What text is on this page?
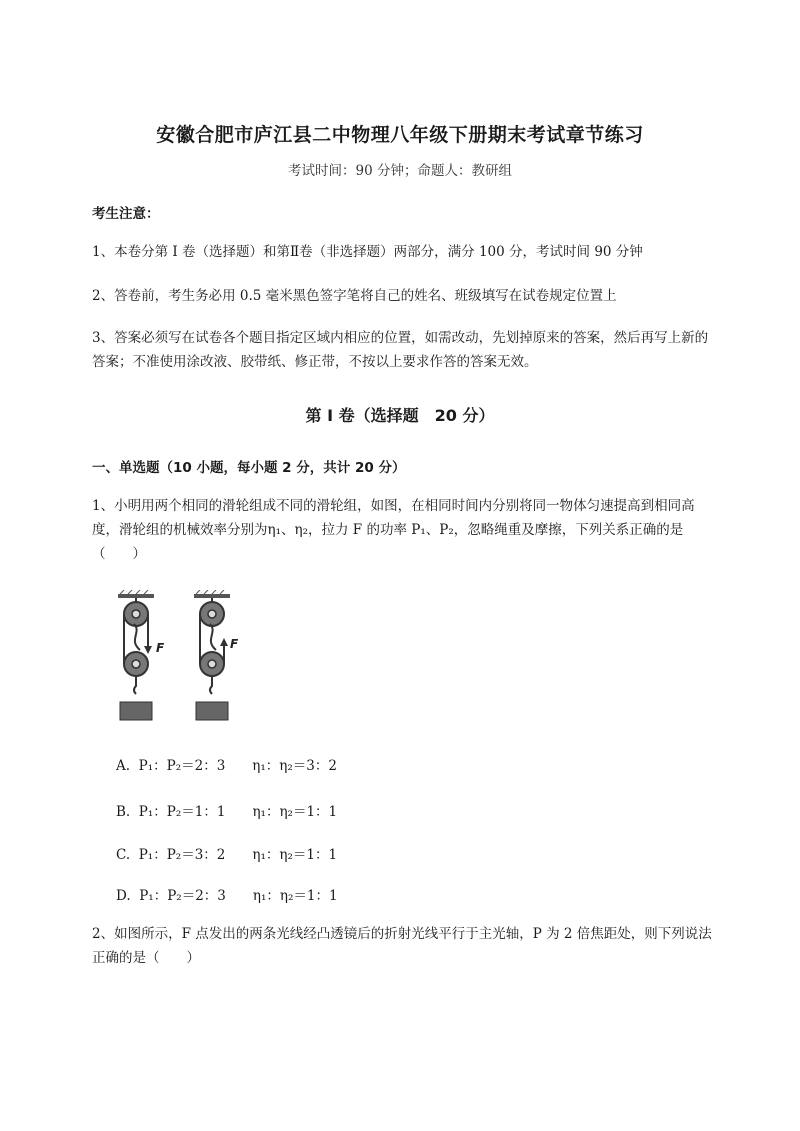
安徽合肥市庐江县二中物理八年级下册期末考试章节练习
考试时间：90 分钟；命题人：教研组
考生注意：
1、本卷分第 I 卷（选择题）和第Ⅱ卷（非选择题）两部分，满分 100 分，考试时间 90 分钟
2、答卷前，考生务必用 0.5 毫米黑色签字笔将自己的姓名、班级填写在试卷规定位置上
3、答案必须写在试卷各个题目指定区域内相应的位置，如需改动，先划掉原来的答案，然后再写上新的答案；不准使用涂改液、胶带纸、修正带，不按以上要求作答的答案无效。
第 I 卷（选择题　20 分）
一、单选题（10 小题，每小题 2 分，共计 20 分）
1、小明用两个相同的滑轮组成不同的滑轮组，如图，在相同时间内分别将同一物体匀速提高到相同高度，滑轮组的机械效率分别为η₁、η₂，拉力 F 的功率 P₁、P₂，忽略绳重及摩擦，下列关系正确的是（　　）
F	F
A.  P₁：P₂＝2：3　　η₁：η₂＝3：2
B.  P₁：P₂＝1：1　　η₁：η₂＝1：1
C.  P₁：P₂＝3：2　　η₁：η₂＝1：1
D.  P₁：P₂＝2：3　　η₁：η₂＝1：1
2、如图所示，F 点发出的两条光线经凸透镜后的折射光线平行于主光轴，P 为 2 倍焦距处，则下列说法正确的是（　　）
